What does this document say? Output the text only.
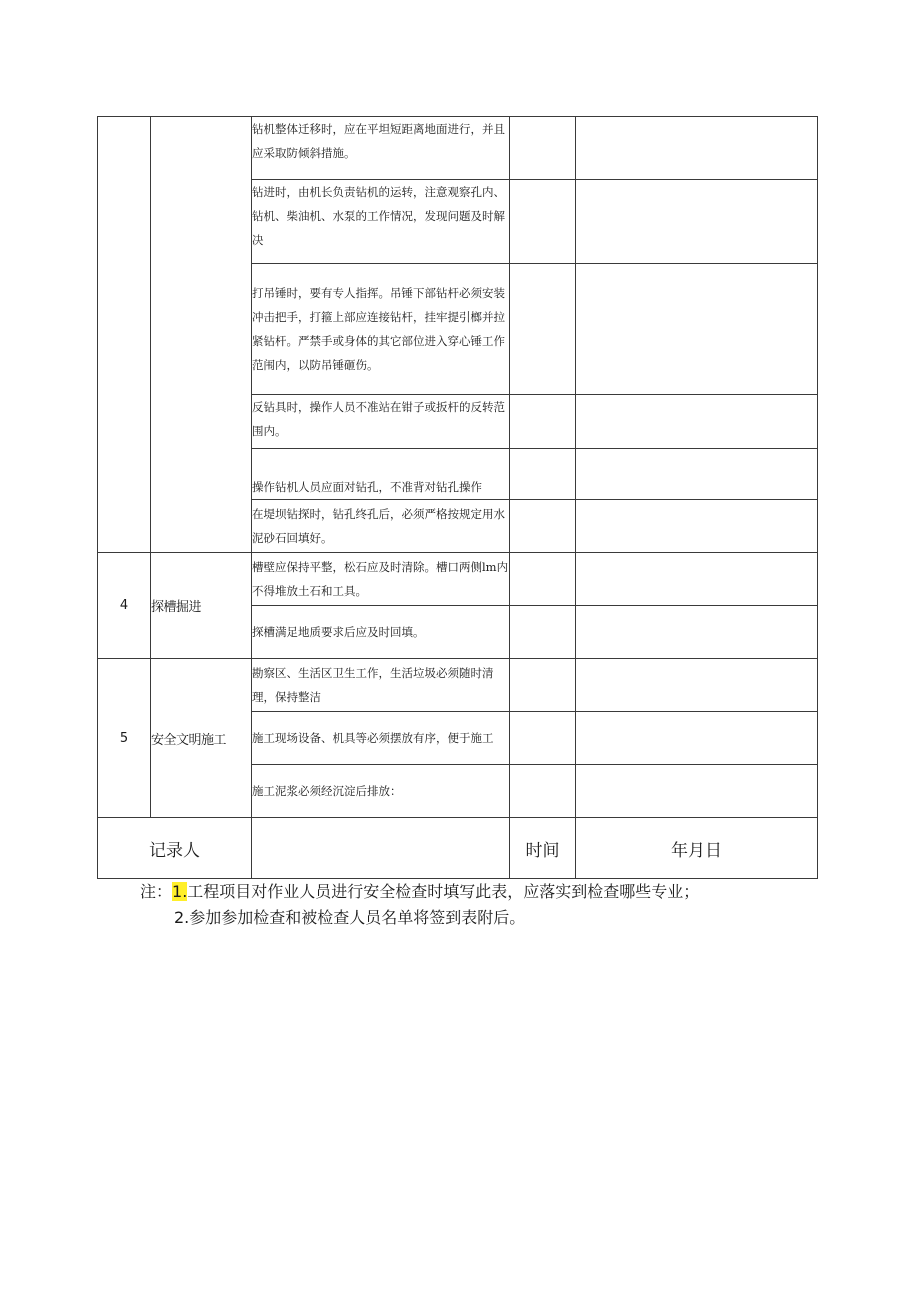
		钻机整体迁移时，应在平坦短距离地面进行，并且应采取防倾斜措施。		
		钻进时，由机长负责钻机的运转，注意观察孔内、钻机、柴油机、水泵的工作情况，发现问题及时解决		
		打吊锤时，要有专人指挥。吊锤下部钻杆必须安装冲击把手，打箍上部应连接钻杆，挂牢提引榔并拉紧钻杆。严禁手或身体的其它部位进入穿心锤工作范闱内，以防吊锤砸伤。		
		反钻具时，操作人员不准站在钳子或扳杆的反转范围内。		
		操作钻机人员应面对钻孔，不准背对钻孔操作		
		在堤坝钻探时，钻孔终孔后，必须严格按规定用水泥砂石回填好。		
4	探槽掘进	槽壁应保持平整，松石应及时清除。槽口两侧lm内不得堆放土石和工具。		
		探槽满足地质要求后应及时回填。		
5	安全文明施工	勘察区、生活区卫生工作，生活垃圾必须随时清理，保持整洁		
		施工现场设备、机具等必须摆放有序，便于施工		
		施工泥浆必须经沉淀后排放：		
记录人			时间	年月日
注：1.工程项目对作业人员进行安全检查时填写此表，应落实到检查哪些专业；
2.参加参加检查和被检查人员名单将签到表附后。
